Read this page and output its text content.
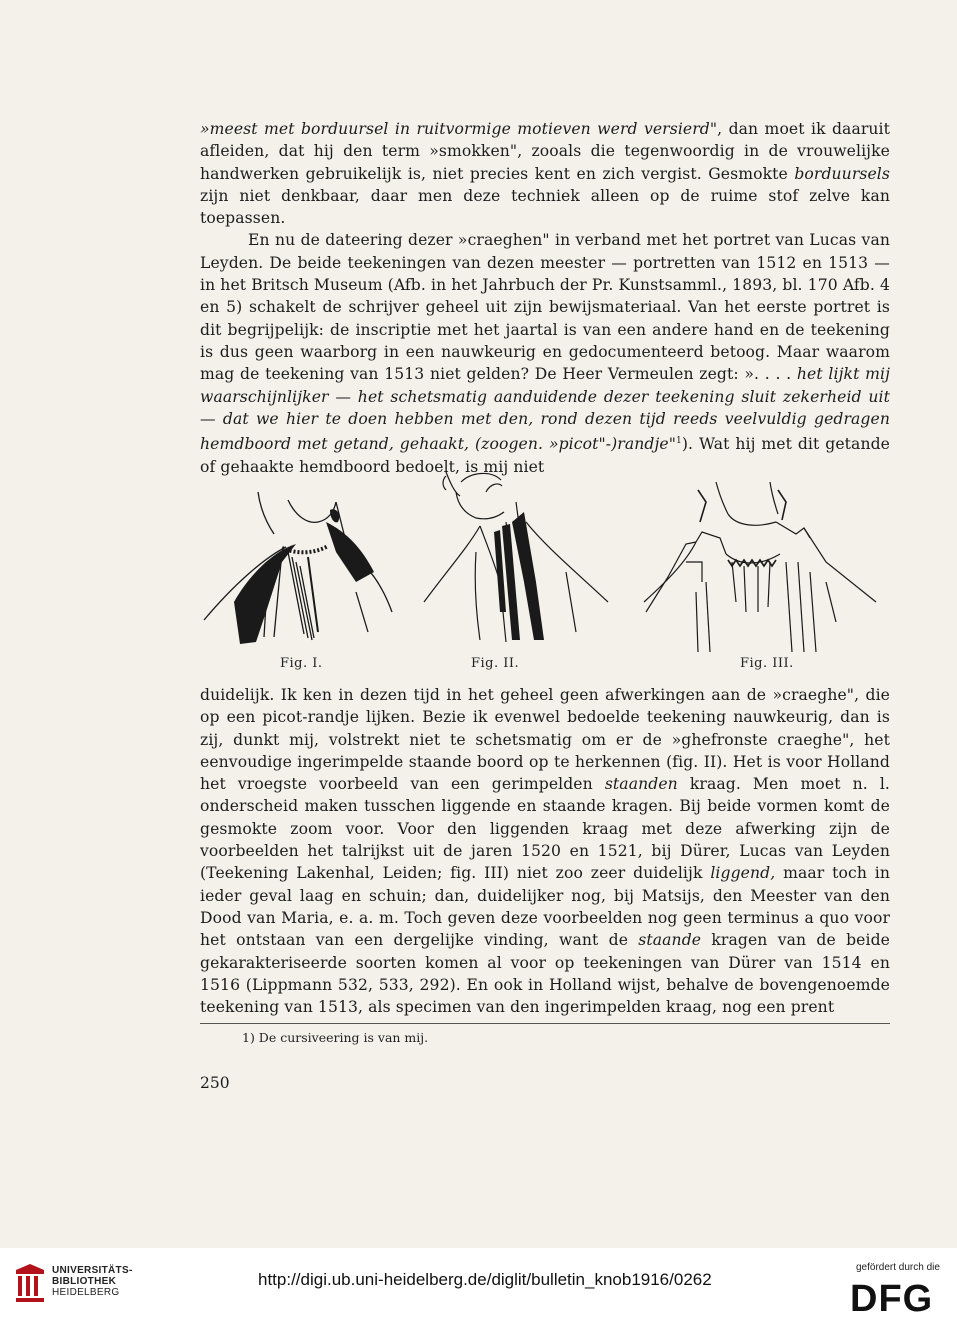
»meest met borduursel in ruitvormige motieven werd versierd", dan moet ik daaruit afleiden, dat hij den term »smokken", zooals die tegenwoordig in de vrouwelijke handwerken gebruikelijk is, niet precies kent en zich vergist. Gesmokte borduursels zijn niet denkbaar, daar men deze techniek alleen op de ruime stof zelve kan toepassen.

En nu de dateering dezer »craeghen" in verband met het portret van Lucas van Leyden. De beide teekeningen van dezen meester — portretten van 1512 en 1513 — in het Britsch Museum (Afb. in het Jahrbuch der Pr. Kunstsamml., 1893, bl. 170 Afb. 4 en 5) schakelt de schrijver geheel uit zijn bewijsmateriaal. Van het eerste portret is dit begrijpelijk: de inscriptie met het jaartal is van een andere hand en de teekening is dus geen waarborg in een nauwkeurig en gedocumenteerd betoog. Maar waarom mag de teekening van 1513 niet gelden? De Heer Vermeulen zegt: ». . . . het lijkt mij waarschijnlijker — het schetsmatig aanduidende dezer teekening sluit zekerheid uit — dat we hier te doen hebben met den, rond dezen tijd reeds veelvuldig gedragen hemdboord met getand, gehaakt, (zoogen. »picot"-)randje"$^1$). Wat hij met dit getande of gehaakte hemdboord bedoelt, is mij niet

Fig. I.	Fig. II.	Fig. III.

duidelijk. Ik ken in dezen tijd in het geheel geen afwerkingen aan de »craeghe", die op een picot-randje lijken. Bezie ik evenwel bedoelde teekening nauwkeurig, dan is zij, dunkt mij, volstrekt niet te schetsmatig om er de »ghefronste craeghe", het eenvoudige ingerimpelde staande boord op te herkennen (fig. II). Het is voor Holland het vroegste voorbeeld van een gerimpelden staanden kraag. Men moet n. l. onderscheid maken tusschen liggende en staande kragen. Bij beide vormen komt de gesmokte zoom voor. Voor den liggenden kraag met deze afwerking zijn de voorbeelden het talrijkst uit de jaren 1520 en 1521, bij Dürer, Lucas van Leyden (Teekening Lakenhal, Leiden; fig. III) niet zoo zeer duidelijk liggend, maar toch in ieder geval laag en schuin; dan, duidelijker nog, bij Matsijs, den Meester van den Dood van Maria, e. a. m. Toch geven deze voorbeelden nog geen terminus a quo voor het ontstaan van een dergelijke vinding, want de staande kragen van de beide gekarakteriseerde soorten komen al voor op teekeningen van Dürer van 1514 en 1516 (Lippmann 532, 533, 292). En ook in Holland wijst, behalve de bovengenoemde teekening van 1513, als specimen van den ingerimpelden kraag, nog een prent

1) De cursiveering is van mij.
250
UNIVERSITÄTS-
BIBLIOTHEK
HEIDELBERG
http://digi.ub.uni-heidelberg.de/diglit/bulletin_knob1916/0262
gefördert durch die
DFG
